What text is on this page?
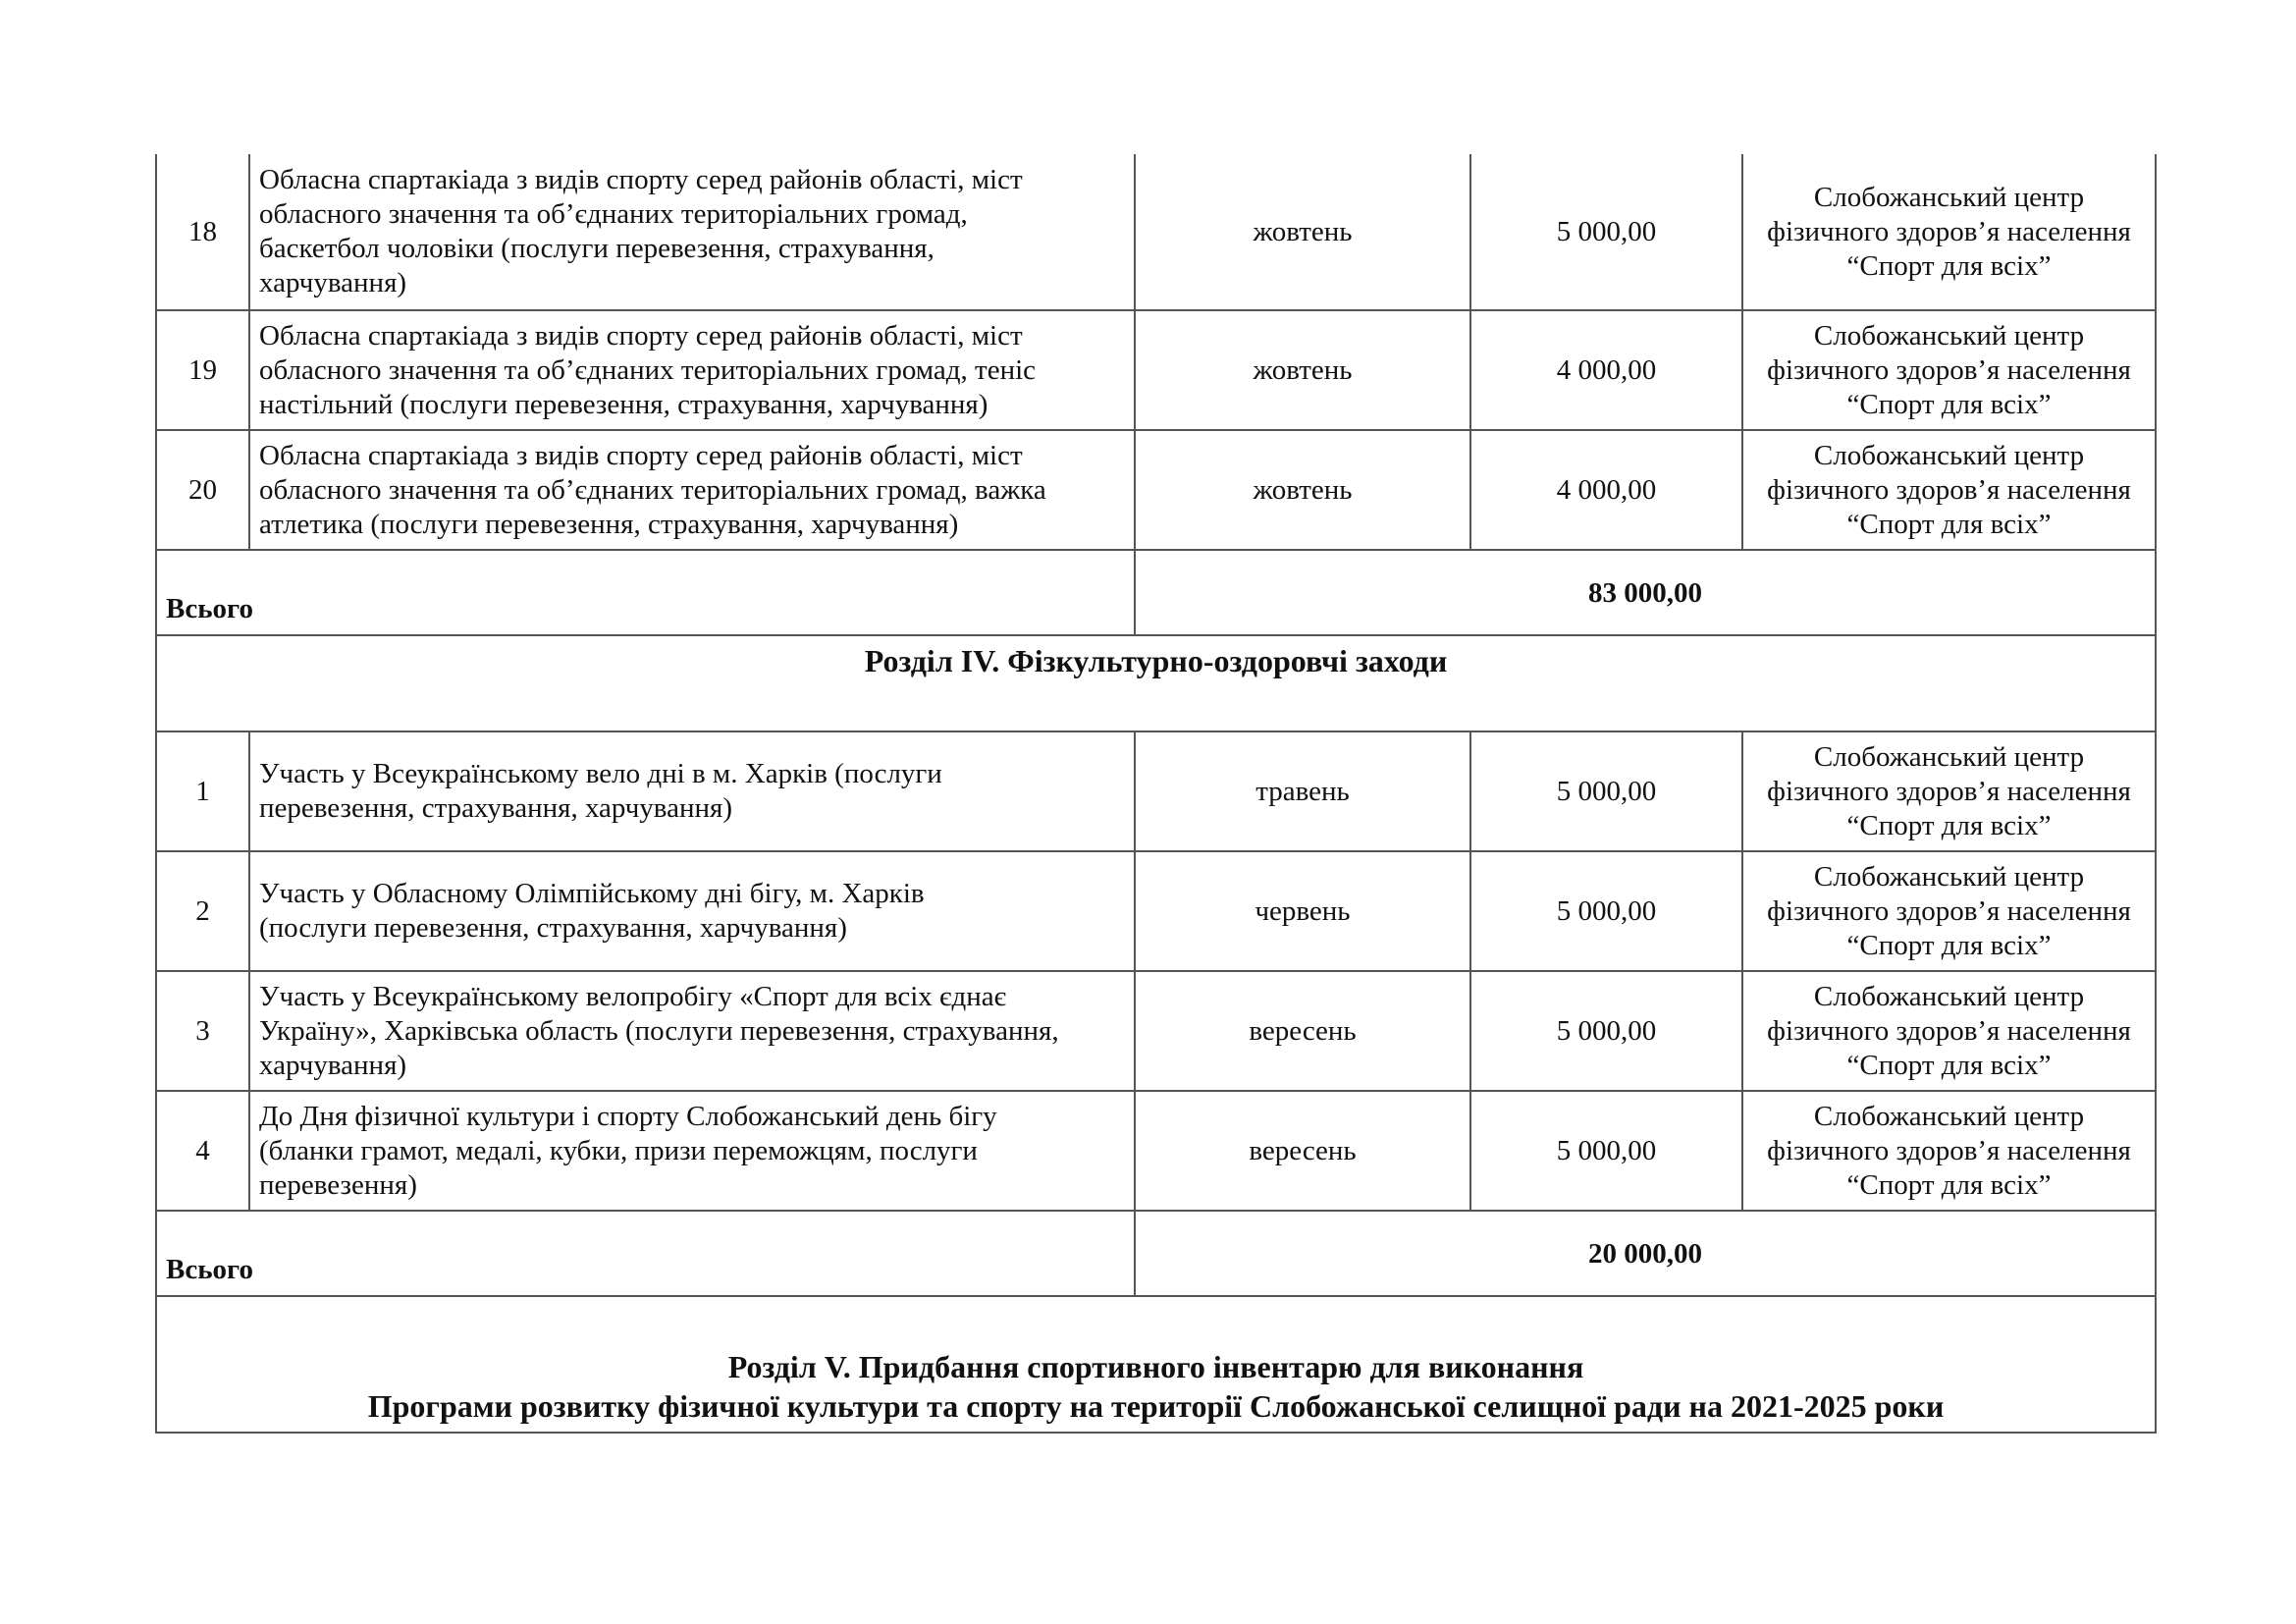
18	Обласна спартакіада з видів спорту серед районів області, міст
обласного значення та об’єднаних територіальних громад,
баскетбол чоловіки (послуги перевезення, страхування,
харчування)	жовтень	5 000,00	Слобожанський центр
фізичного здоров’я населення
“Спорт для всіх”

19	Обласна спартакіада з видів спорту серед районів області, міст
обласного значення та об’єднаних територіальних громад, теніс
настільний (послуги перевезення, страхування, харчування)	жовтень	4 000,00	Слобожанський центр
фізичного здоров’я населення
“Спорт для всіх”

20	Обласна спартакіада з видів спорту серед районів області, міст
обласного значення та об’єднаних територіальних громад, важка
атлетика (послуги перевезення, страхування, харчування)	жовтень	4 000,00	Слобожанський центр
фізичного здоров’я населення
“Спорт для всіх”

Всього		83 000,00		
Розділ IV. Фізкультурно-оздоровчі заходи				
1	Участь у Всеукраїнському вело дні в м. Харків (послуги
перевезення, страхування, харчування)	травень	5 000,00	Слобожанський центр
фізичного здоров’я населення
“Спорт для всіх”

2	Участь у Обласному Олімпійському дні бігу, м. Харків
(послуги перевезення, страхування, харчування)	червень	5 000,00	Слобожанський центр
фізичного здоров’я населення
“Спорт для всіх”

3	Участь у Всеукраїнському велопробігу «Спорт для всіх єднає
Україну», Харківська область (послуги перевезення, страхування,
харчування)	вересень	5 000,00	Слобожанський центр
фізичного здоров’я населення
“Спорт для всіх”

4	До Дня фізичної культури і спорту Слобожанський день бігу
(бланки грамот, медалі, кубки, призи переможцям, послуги
перевезення)	вересень	5 000,00	Слобожанський центр
фізичного здоров’я населення
“Спорт для всіх”

Всього		20 000,00		

Розділ V. Придбання спортивного інвентарю для виконання
Програми розвитку фізичної культури та спорту на території Слобожанської селищної ради на 2021-2025 роки				
